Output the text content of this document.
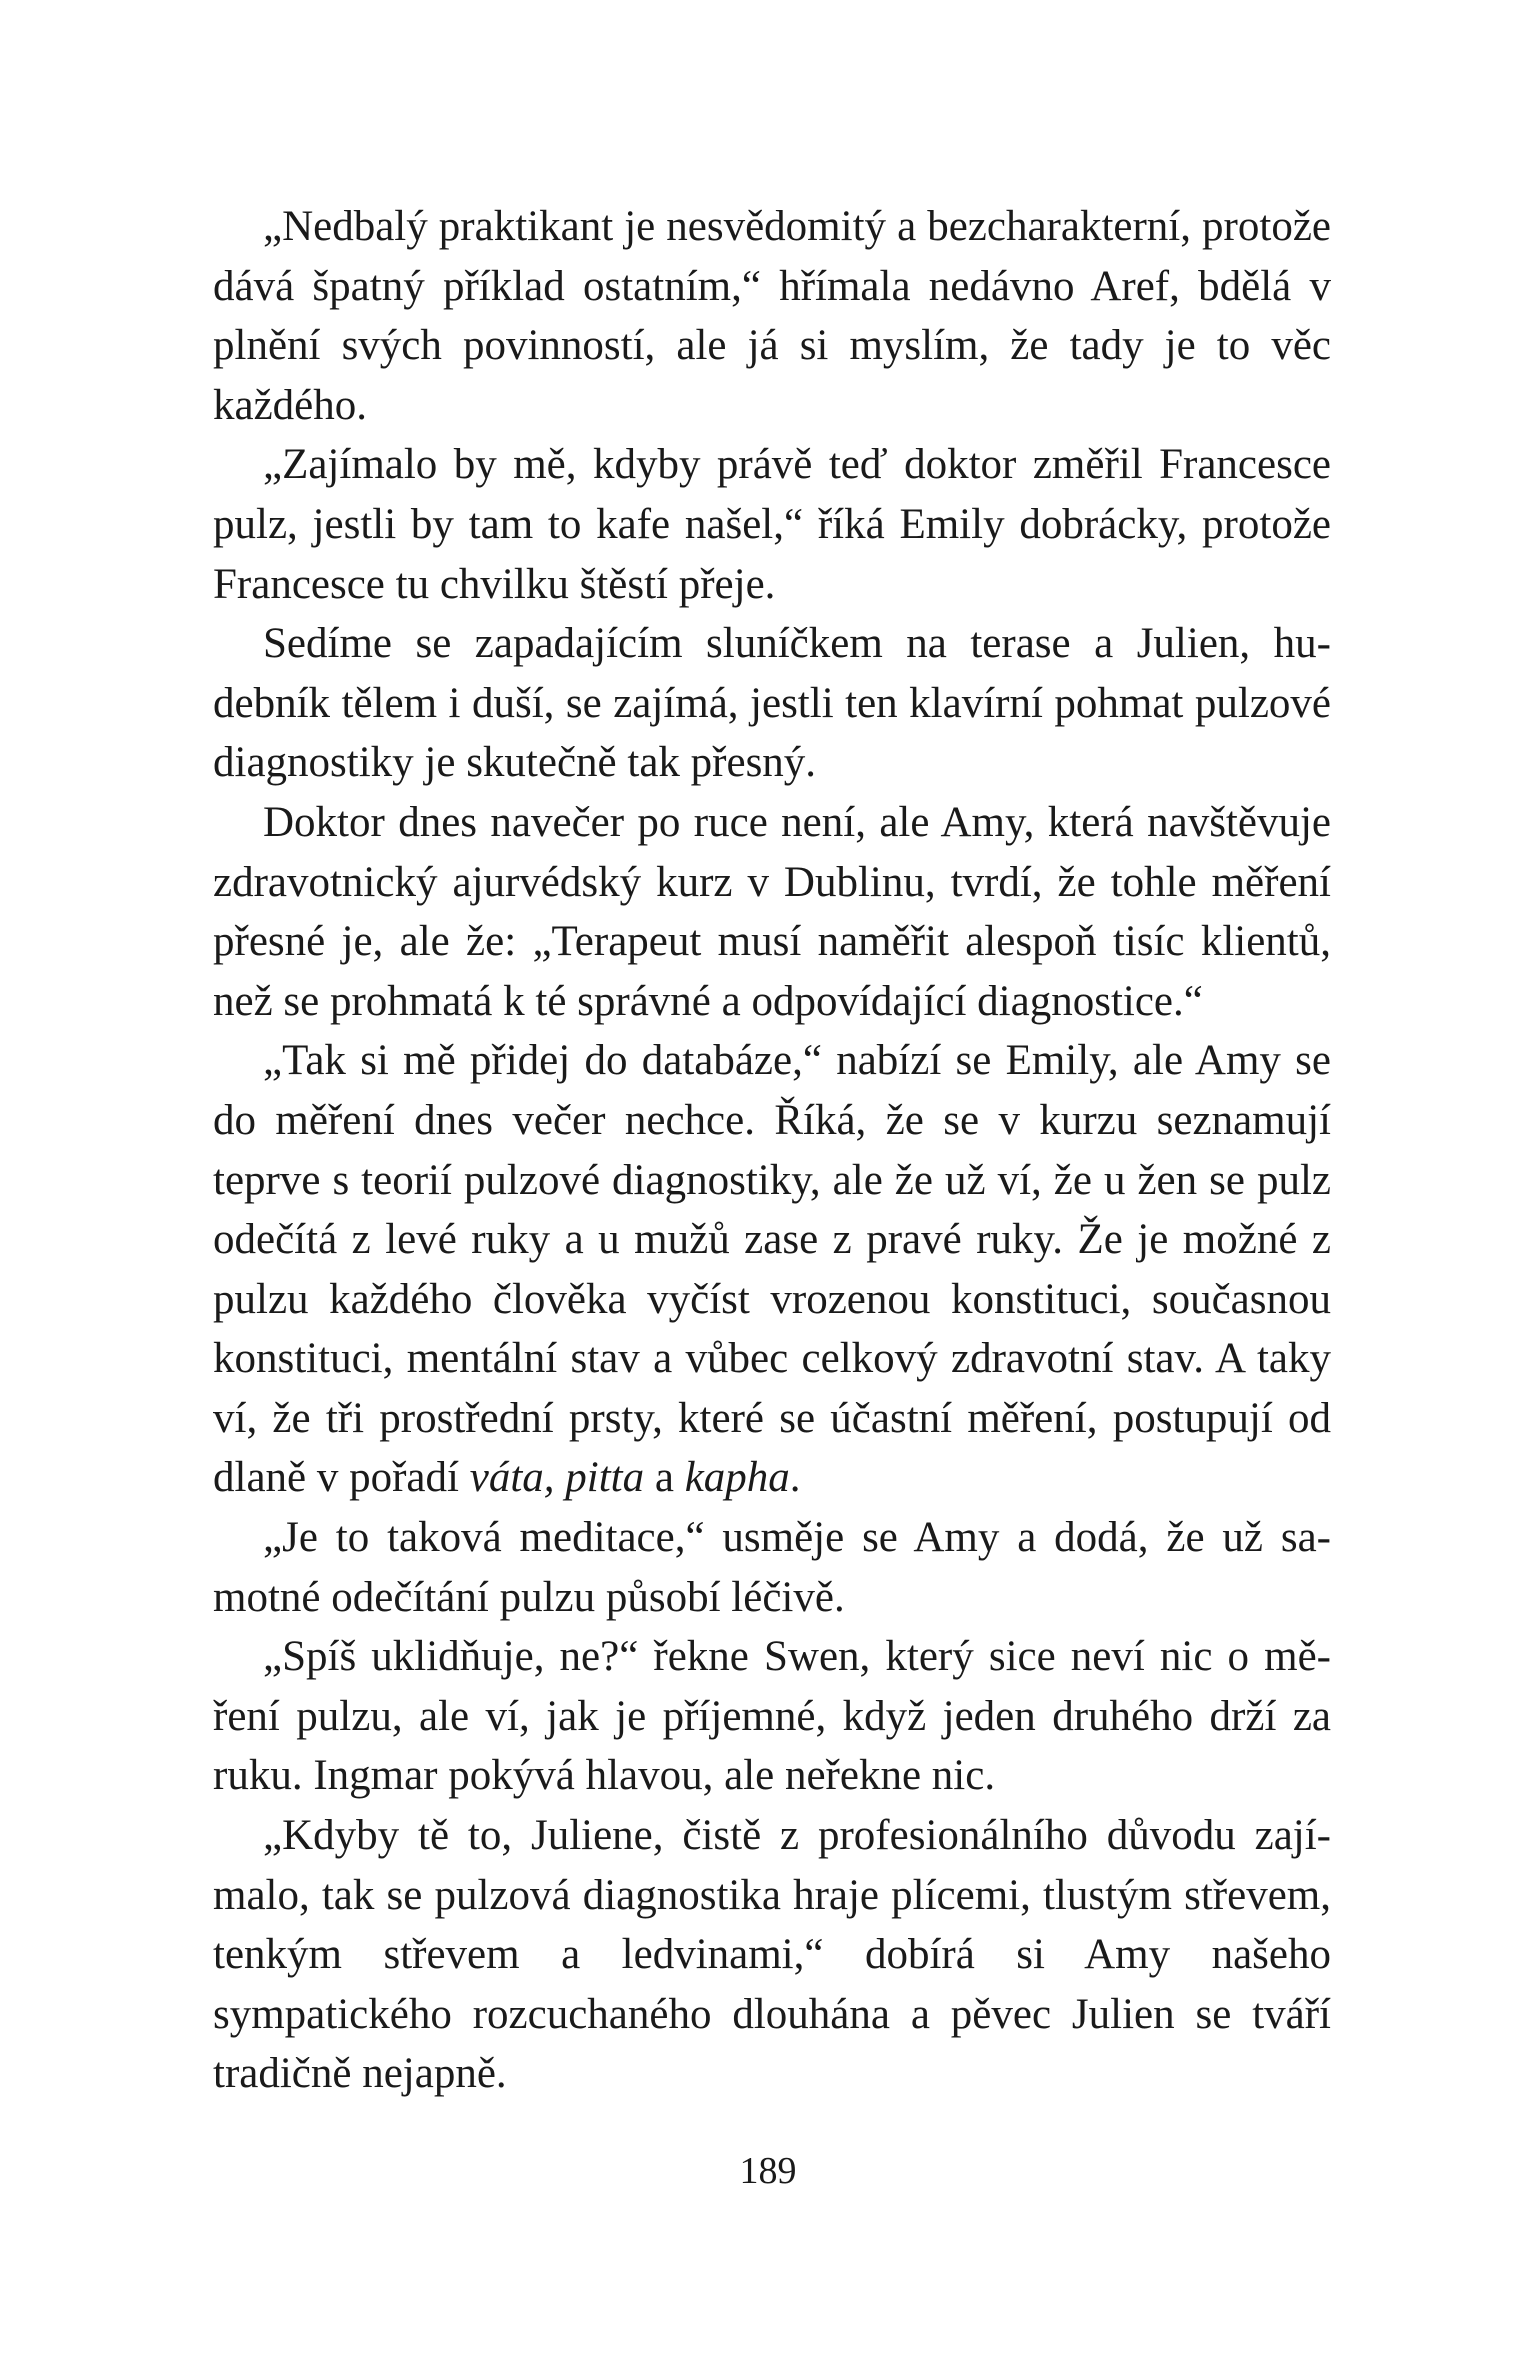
„Nedbalý praktikant je nesvědomitý a bezcharakterní, protože dává špatný příklad ostatním,“ hřímala nedávno Aref, bdělá v plnění svých povinností, ale já si myslím, že tady je to věc každého.

„Zajímalo by mě, kdyby právě teď doktor změřil Francesce pulz, jestli by tam to kafe našel,“ říká Emily dobrácky, protože Francesce tu chvilku štěstí přeje.

Sedíme se zapadajícím sluníčkem na terase a Julien, hudebník tělem i duší, se zajímá, jestli ten klavírní pohmat pulzové diagnostiky je skutečně tak přesný.

Doktor dnes navečer po ruce není, ale Amy, která navštěvuje zdravotnický ajurvédský kurz v Dublinu, tvrdí, že tohle měření přesné je, ale že: „Terapeut musí naměřit alespoň tisíc klientů, než se prohmatá k té správné a odpovídající diagnostice.“

„Tak si mě přidej do databáze,“ nabízí se Emily, ale Amy se do měření dnes večer nechce. Říká, že se v kurzu seznamují teprve s teorií pulzové diagnostiky, ale že už ví, že u žen se pulz odečítá z levé ruky a u mužů zase z pravé ruky. Že je možné z pulzu každého člověka vyčíst vrozenou konstituci, současnou konstituci, mentální stav a vůbec celkový zdravotní stav. A taky ví, že tři prostřední prsty, které se účastní měření, postupují od dlaně v pořadí váta, pitta a kapha.

„Je to taková meditace,“ usměje se Amy a dodá, že už samotné odečítání pulzu působí léčivě.

„Spíš uklidňuje, ne?“ řekne Swen, který sice neví nic o měření pulzu, ale ví, jak je příjemné, když jeden druhého drží za ruku. Ingmar pokývá hlavou, ale neřekne nic.

„Kdyby tě to, Juliene, čistě z profesionálního důvodu zajímalo, tak se pulzová diagnostika hraje plícemi, tlustým střevem, tenkým střevem a ledvinami,“ dobírá si Amy našeho sympatického rozcuchaného dlouhána a pěvec Julien se tváří tradičně nejapně.

189
